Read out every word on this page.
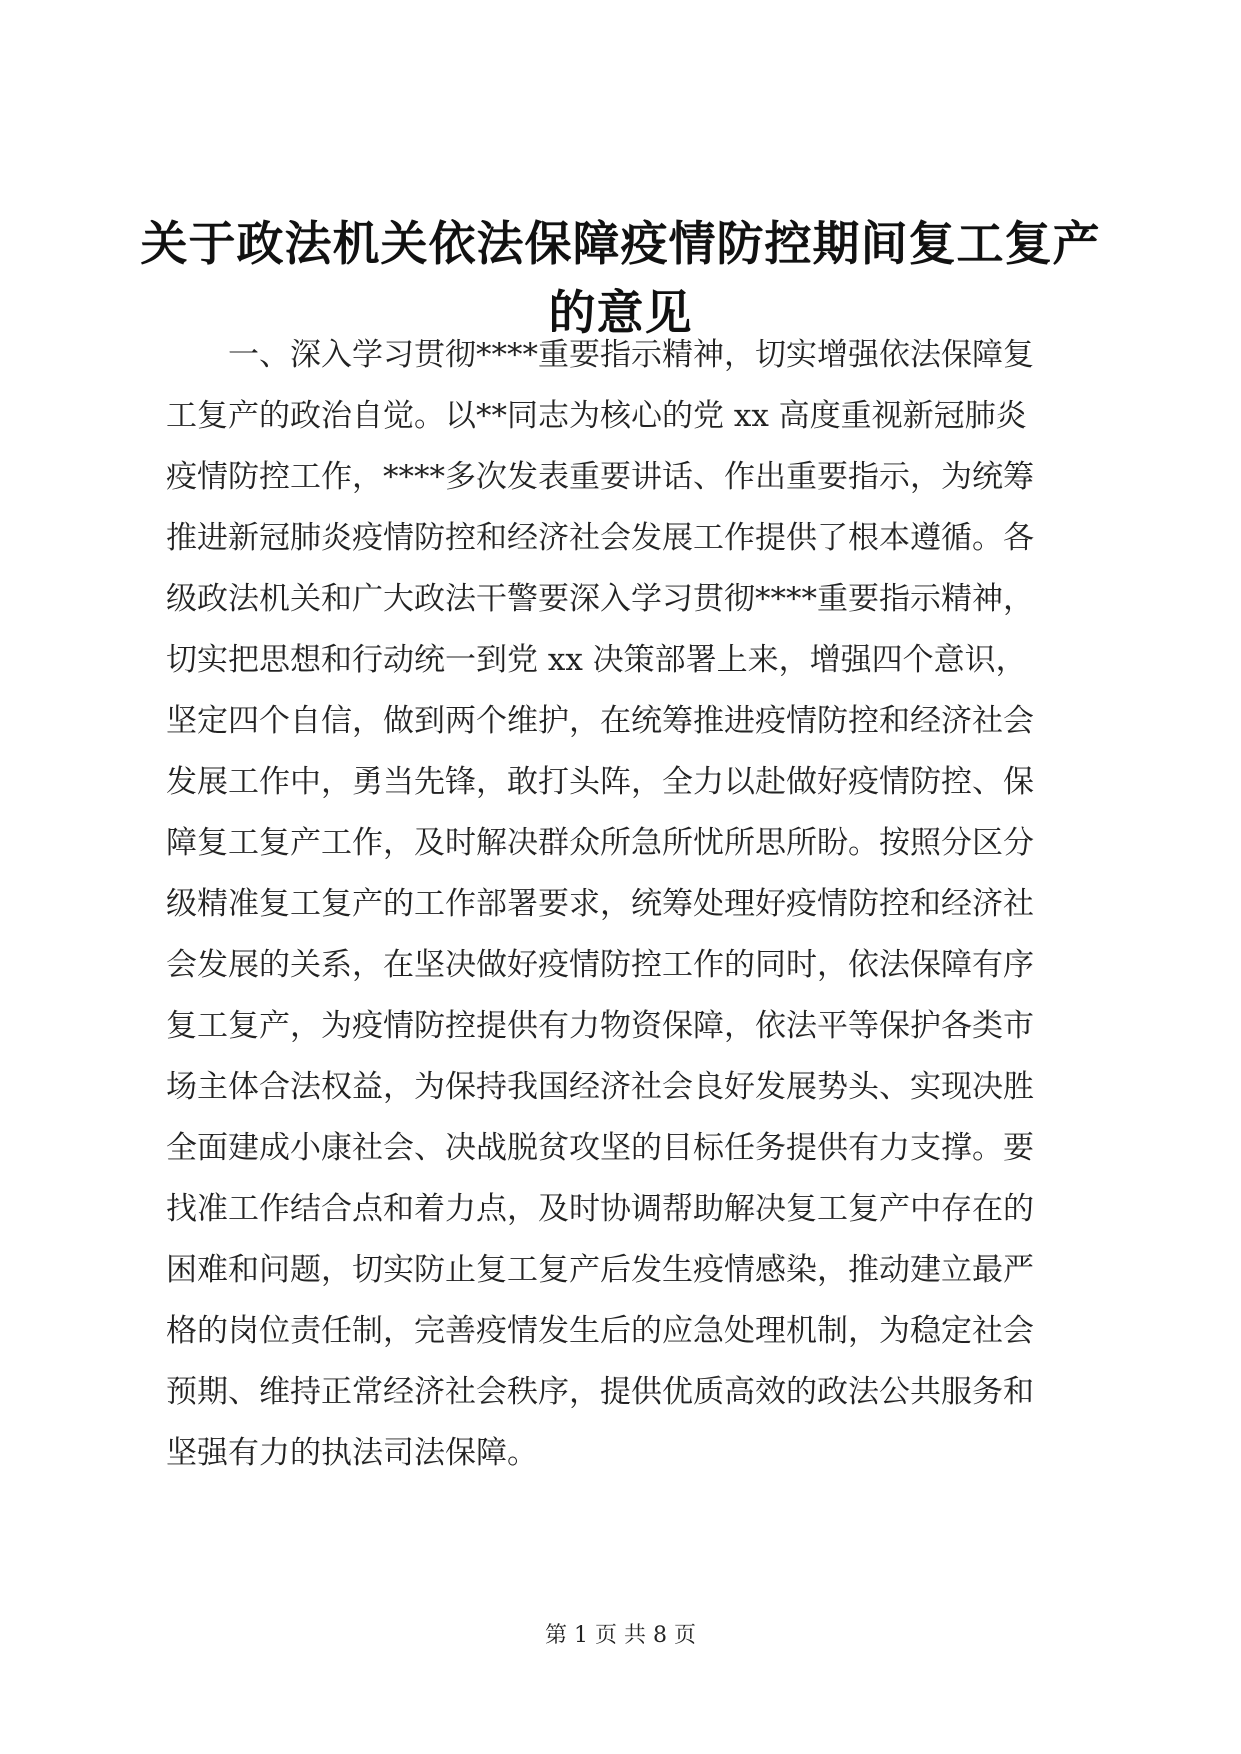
关于政法机关依法保障疫情防控期间复工复产
的意见
　　一、深入学习贯彻****重要指示精神，切实增强依法保障复
工复产的政治自觉。以**同志为核心的党 xx 高度重视新冠肺炎
疫情防控工作，****多次发表重要讲话、作出重要指示，为统筹
推进新冠肺炎疫情防控和经济社会发展工作提供了根本遵循。各
级政法机关和广大政法干警要深入学习贯彻****重要指示精神，
切实把思想和行动统一到党 xx 决策部署上来，增强四个意识，
坚定四个自信，做到两个维护，在统筹推进疫情防控和经济社会
发展工作中，勇当先锋，敢打头阵，全力以赴做好疫情防控、保
障复工复产工作，及时解决群众所急所忧所思所盼。按照分区分
级精准复工复产的工作部署要求，统筹处理好疫情防控和经济社
会发展的关系，在坚决做好疫情防控工作的同时，依法保障有序
复工复产，为疫情防控提供有力物资保障，依法平等保护各类市
场主体合法权益，为保持我国经济社会良好发展势头、实现决胜
全面建成小康社会、决战脱贫攻坚的目标任务提供有力支撑。要
找准工作结合点和着力点，及时协调帮助解决复工复产中存在的
困难和问题，切实防止复工复产后发生疫情感染，推动建立最严
格的岗位责任制，完善疫情发生后的应急处理机制，为稳定社会
预期、维持正常经济社会秩序，提供优质高效的政法公共服务和
坚强有力的执法司法保障。
第 1 页 共 8 页
